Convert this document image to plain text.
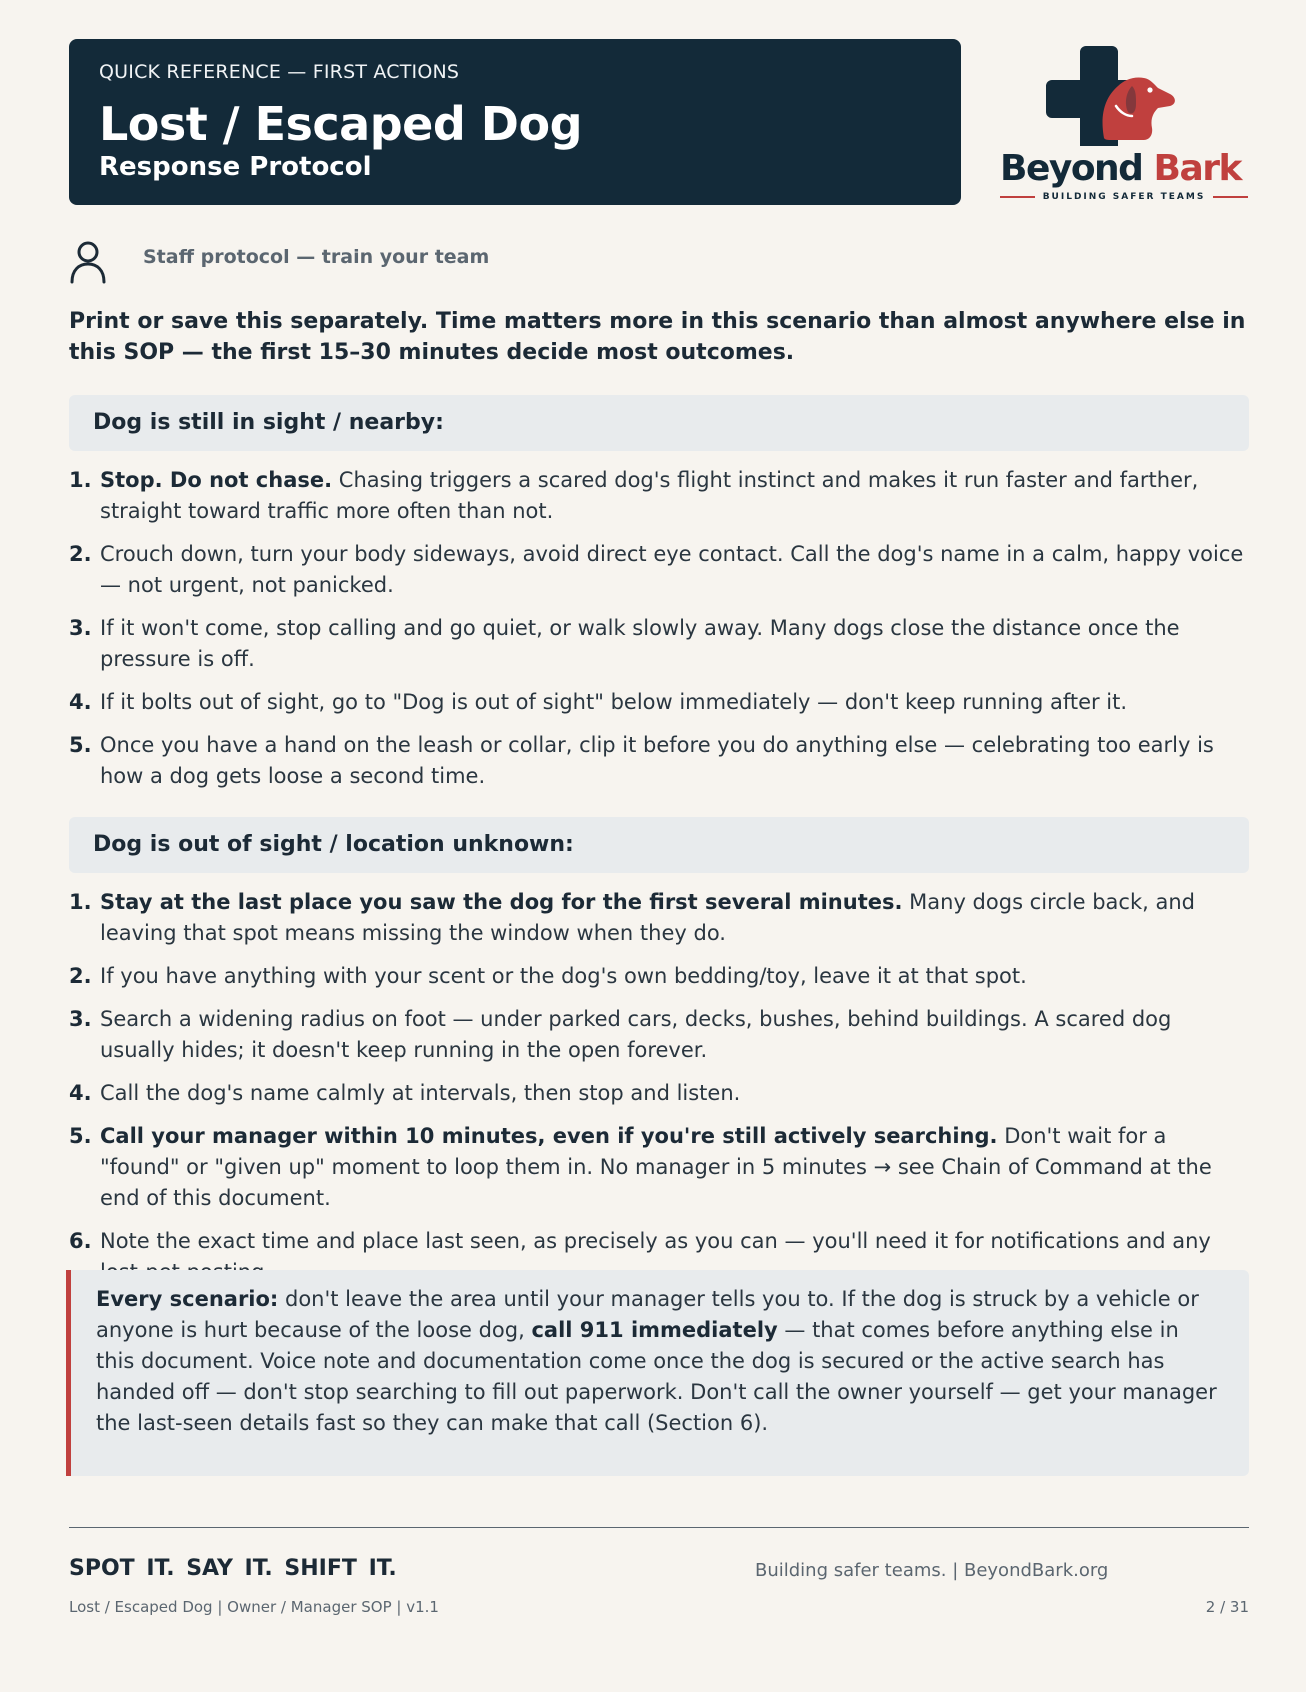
QUICK REFERENCE — FIRST ACTIONS
Lost / Escaped Dog
Response Protocol	Beyond Bark
BUILDING SAFER TEAMS
Staff protocol — train your team
Print or save this separately. Time matters more in this scenario than almost anywhere else in this SOP — the first 15–30 minutes decide most outcomes.
Dog is still in sight / nearby:
1. Stop. Do not chase. Chasing triggers a scared dog's flight instinct and makes it run faster and farther, straight toward traffic more often than not.
2. Crouch down, turn your body sideways, avoid direct eye contact. Call the dog's name in a calm, happy voice — not urgent, not panicked.
3. If it won't come, stop calling and go quiet, or walk slowly away. Many dogs close the distance once the pressure is off.
4. If it bolts out of sight, go to "Dog is out of sight" below immediately — don't keep running after it.
5. Once you have a hand on the leash or collar, clip it before you do anything else — celebrating too early is how a dog gets loose a second time.
Dog is out of sight / location unknown:
1. Stay at the last place you saw the dog for the first several minutes. Many dogs circle back, and leaving that spot means missing the window when they do.
2. If you have anything with your scent or the dog's own bedding/toy, leave it at that spot.
3. Search a widening radius on foot — under parked cars, decks, bushes, behind buildings. A scared dog usually hides; it doesn't keep running in the open forever.
4. Call the dog's name calmly at intervals, then stop and listen.
5. Call your manager within 10 minutes, even if you're still actively searching. Don't wait for a "found" or "given up" moment to loop them in. No manager in 5 minutes → see Chain of Command at the end of this document.
6. Note the exact time and place last seen, as precisely as you can — you'll need it for notifications and any
Every scenario: don't leave the area until your manager tells you to. If the dog is struck by a vehicle or anyone is hurt because of the loose dog, call 911 immediately — that comes before anything else in this document. Voice note and documentation come once the dog is secured or the active search has handed off — don't stop searching to fill out paperwork. Don't call the owner yourself — get your manager the last-seen details fast so they can make that call (Section 6).
SPOT IT. SAY IT. SHIFT IT.	Building safer teams. | BeyondBark.org
Lost / Escaped Dog | Owner / Manager SOP | v1.1	2 / 31
